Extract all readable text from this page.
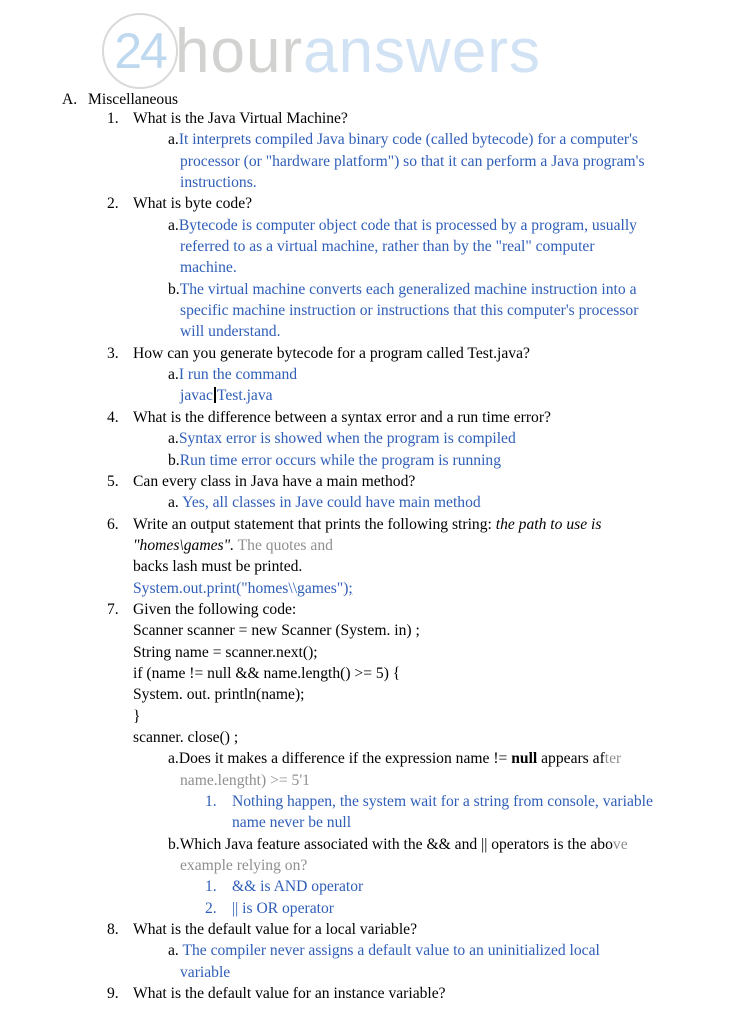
24 hour answers
A. Miscellaneous
1. What is the Java Virtual Machine?
a.It interprets compiled Java binary code (called bytecode) for a computer's
processor (or "hardware platform") so that it can perform a Java program's
instructions.
2. What is byte code?
a.Bytecode is computer object code that is processed by a program, usually
referred to as a virtual machine, rather than by the "real" computer
machine.
b.The virtual machine converts each generalized machine instruction into a
specific machine instruction or instructions that this computer's processor
will understand.
3. How can you generate bytecode for a program called Test.java?
a.I run the command
javac Test.java
4. What is the difference between a syntax error and a run time error?
a.Syntax error is showed when the program is compiled
b.Run time error occurs while the program is running
5. Can every class in Java have a main method?
a. Yes, all classes in Jave could have main method
6. Write an output statement that prints the following string: the path to use is
"homes\games". The quotes and
backs lash must be printed.
System.out.print("homes\\games");
7. Given the following code:
Scanner scanner = new Scanner (System. in) ;
String name = scanner.next();
if (name != null && name.length() >= 5) {
System. out. println(name);
}
scanner. close() ;
a.Does it makes a difference if the expression name != null appears after
name.lengtht) >= 5'1
1. Nothing happen, the system wait for a string from console, variable
name never be null
b.Which Java feature associated with the && and || operators is the above
example relying on?
1. && is AND operator
2. || is OR operator
8. What is the default value for a local variable?
a. The compiler never assigns a default value to an uninitialized local
variable
9. What is the default value for an instance variable?
